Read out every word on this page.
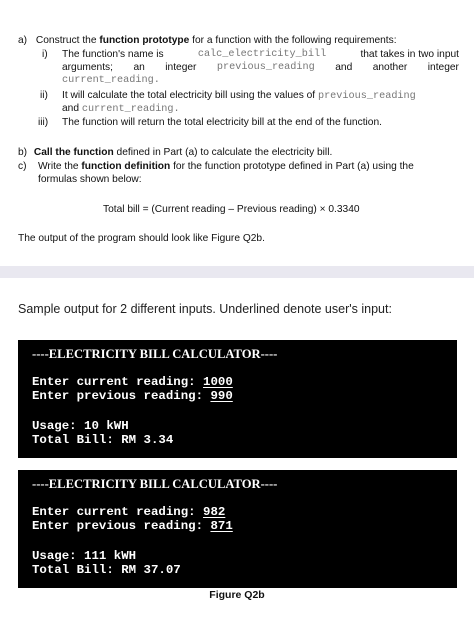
a) Construct the function prototype for a function with the following requirements:
i) The function's name is	calc_electricity_bill	that takes in two input
arguments; an integer previous_reading and another integer
current_reading.
ii) It will calculate the total electricity bill using the values of previous_reading
and current_reading.
iii) The function will return the total electricity bill at the end of the function.
b) Call the function defined in Part (a) to calculate the electricity bill.
c) Write the function definition for the function prototype defined in Part (a) using the
formulas shown below:
Total bill = (Current reading – Previous reading) × 0.3340
The output of the program should look like Figure Q2b.
Sample output for 2 different inputs. Underlined denote user's input:
----ELECTRICITY BILL CALCULATOR----
Enter current reading: 1000
Enter previous reading: 990
Usage: 10 kWH
Total Bill: RM 3.34
----ELECTRICITY BILL CALCULATOR----
Enter current reading: 982
Enter previous reading: 871
Usage: 111 kWH
Total Bill: RM 37.07
Figure Q2b
